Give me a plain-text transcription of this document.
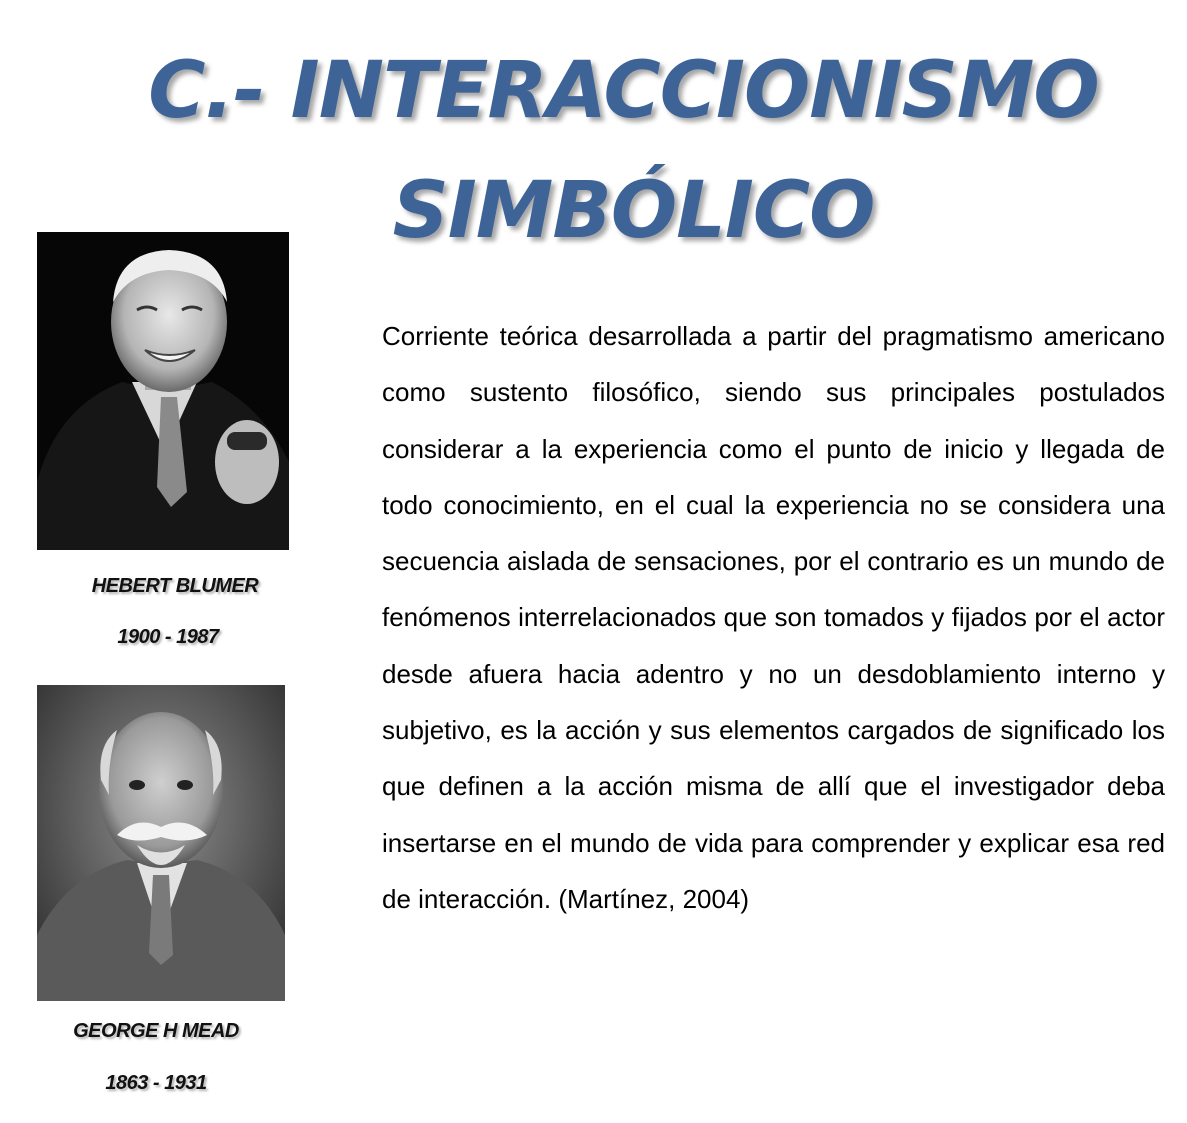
C.- INTERACCIONISMO
SIMBÓLICO
HEBERT BLUMER
1900 - 1987
GEORGE H MEAD
1863 - 1931

Corriente teórica desarrollada a partir del pragmatismo americano como sustento filosófico, siendo sus principales postulados considerar a la experiencia como el punto de inicio y llegada de todo conocimiento, en el cual la experiencia no se considera una secuencia aislada de sensaciones, por el contrario es un mundo de fenómenos interrelacionados que son tomados y fijados por el actor desde afuera hacia adentro y no un desdoblamiento interno y subjetivo, es la acción y sus elementos cargados de significado los que definen a la acción misma de allí que el investigador deba insertarse en el mundo de vida para comprender y explicar esa red de interacción. (Martínez, 2004)
